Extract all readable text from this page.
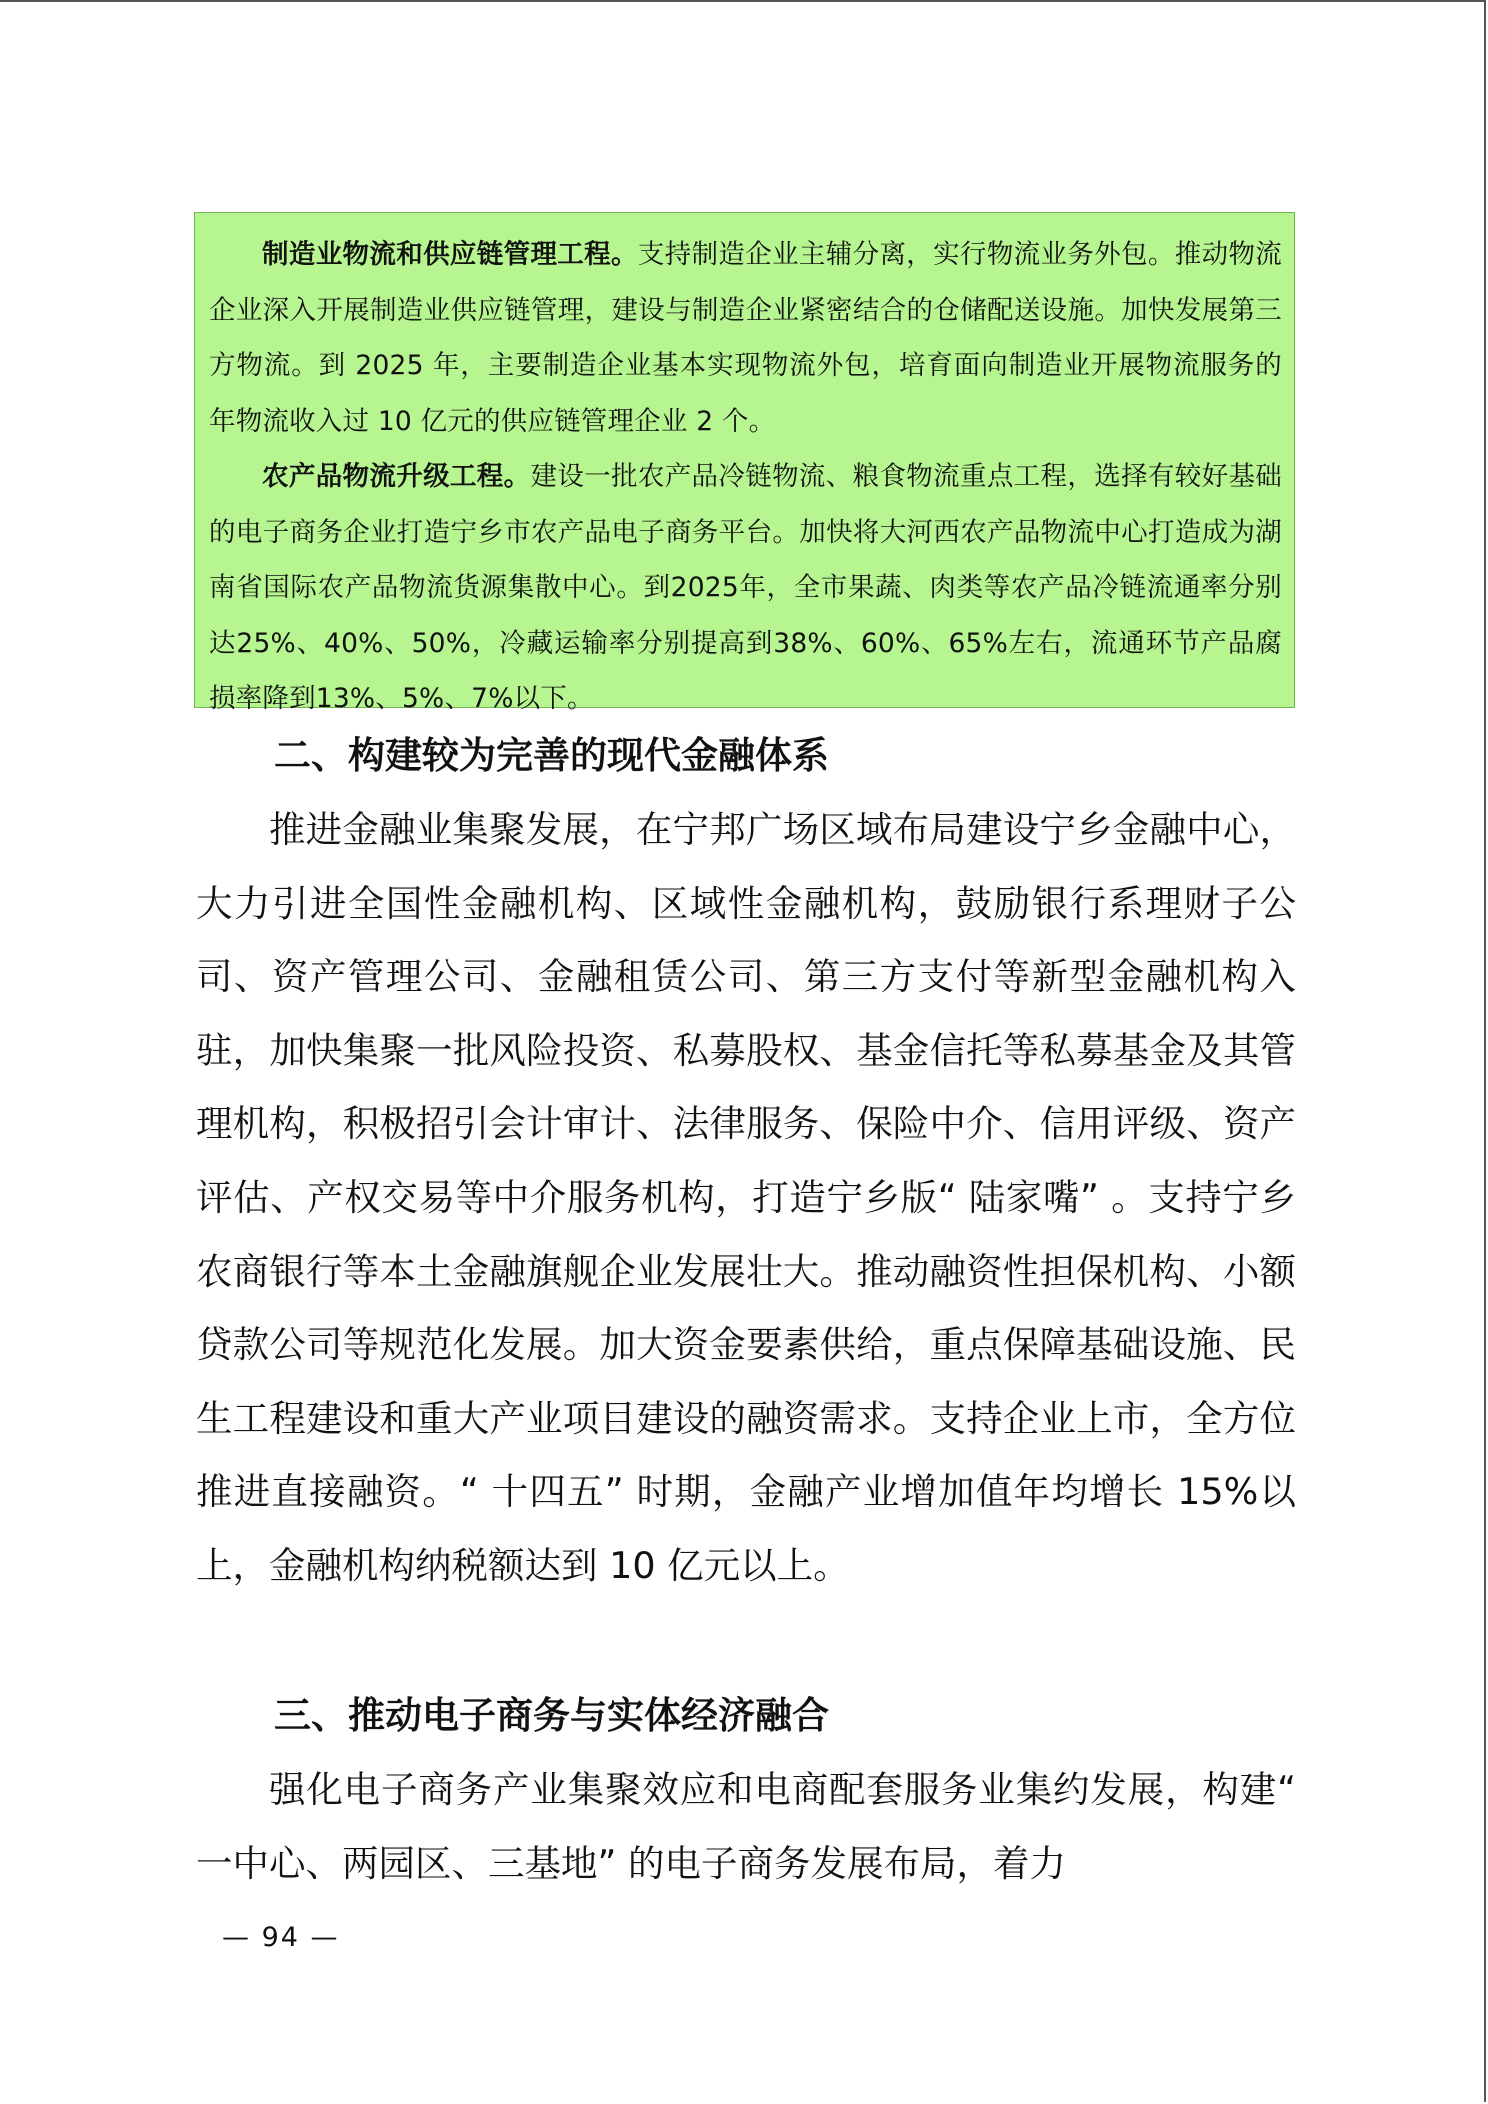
制造业物流和供应链管理工程。支持制造企业主辅分离，实行物流业务外包。推动物流企业深入开展制造业供应链管理，建设与制造企业紧密结合的仓储配送设施。加快发展第三方物流。到 2025 年，主要制造企业基本实现物流外包，培育面向制造业开展物流服务的年物流收入过 10 亿元的供应链管理企业 2 个。

农产品物流升级工程。建设一批农产品冷链物流、粮食物流重点工程，选择有较好基础的电子商务企业打造宁乡市农产品电子商务平台。加快将大河西农产品物流中心打造成为湖南省国际农产品物流货源集散中心。到2025年，全市果蔬、肉类等农产品冷链流通率分别达25%、40%、50%，冷藏运输率分别提高到38%、60%、65%左右，流通环节产品腐损率降到13%、5%、7%以下。

二、构建较为完善的现代金融体系

推进金融业集聚发展，在宁邦广场区域布局建设宁乡金融中心，大力引进全国性金融机构、区域性金融机构，鼓励银行系理财子公司、资产管理公司、金融租赁公司、第三方支付等新型金融机构入驻，加快集聚一批风险投资、私募股权、基金信托等私募基金及其管理机构，积极招引会计审计、法律服务、保险中介、信用评级、资产评估、产权交易等中介服务机构，打造宁乡版“ 陆家嘴” 。支持宁乡农商银行等本土金融旗舰企业发展壮大。推动融资性担保机构、小额贷款公司等规范化发展。加大资金要素供给，重点保障基础设施、民生工程建设和重大产业项目建设的融资需求。支持企业上市，全方位推进直接融资。“ 十四五” 时期，金融产业增加值年均增长 15%以上，金融机构纳税额达到 10 亿元以上。

三、推动电子商务与实体经济融合

强化电子商务产业集聚效应和电商配套服务业集约发展，构建“ 一中心、两园区、三基地” 的电子商务发展布局，着力

— 94 —
